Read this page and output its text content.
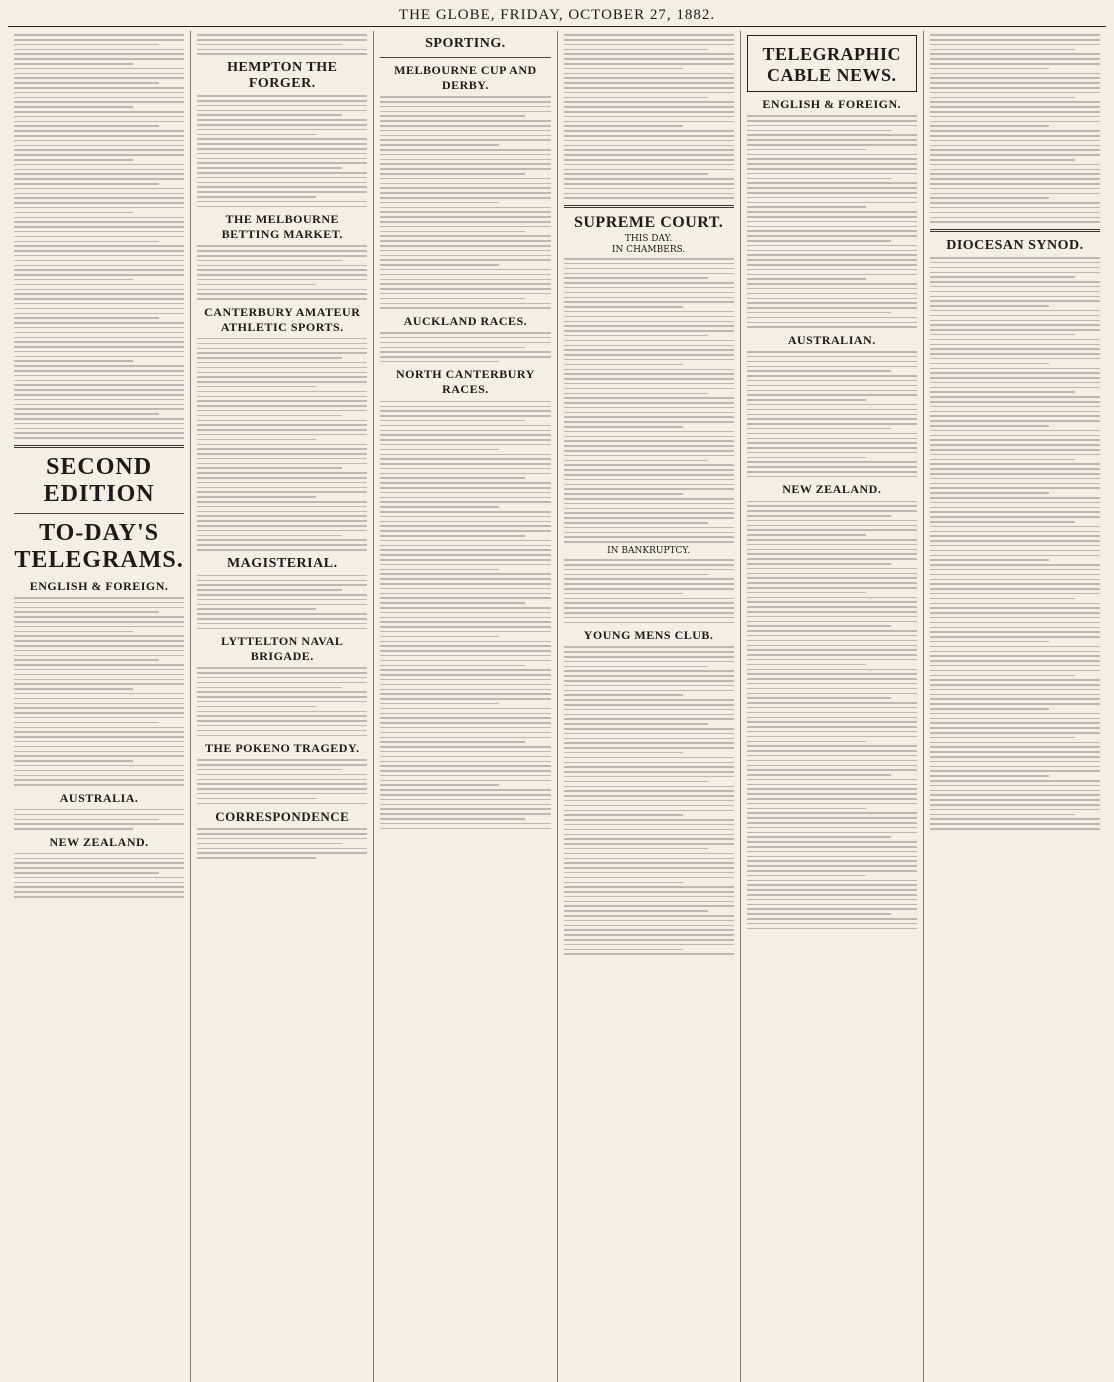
THE GLOBE, FRIDAY, OCTOBER 27, 1882.
SECOND EDITION
TO-DAY'S TELEGRAMS.
ENGLISH & FOREIGN.
AUSTRALIA.
NEW ZEALAND.
HEMPTON THE FORGER.
THE MELBOURNE BETTING MARKET.
CANTERBURY AMATEUR ATHLETIC SPORTS.
MAGISTERIAL.
LYTTELTON NAVAL BRIGADE.
THE POKENO TRAGEDY.
CORRESPONDENCE
SPORTING.
MELBOURNE CUP AND DERBY.
AUCKLAND RACES.
NORTH CANTERBURY RACES.
SUPREME COURT.
THIS DAY.
IN CHAMBERS.
IN BANKRUPTCY.
YOUNG MENS CLUB.
TELEGRAPHIC CABLE NEWS.
ENGLISH & FOREIGN.
AUSTRALIAN.
NEW ZEALAND.
DIOCESAN SYNOD.
